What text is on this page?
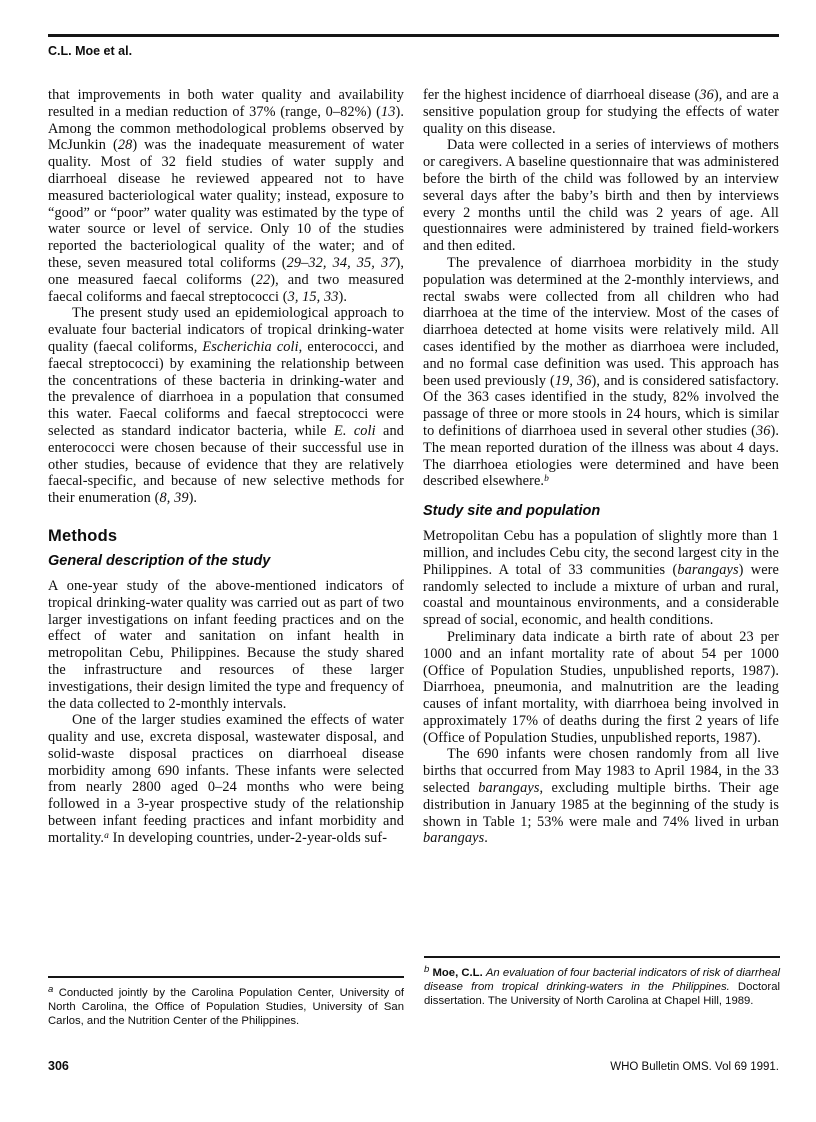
C.L. Moe et al.

that improvements in both water quality and availability resulted in a median reduction of 37% (range, 0–82%) (13). Among the common methodological problems observed by McJunkin (28) was the inadequate measurement of water quality. Most of 32 field studies of water supply and diarrhoeal disease he reviewed appeared not to have measured bacteriological water quality; instead, exposure to “good” or “poor” water quality was estimated by the type of water source or level of service. Only 10 of the studies reported the bacteriological quality of the water; and of these, seven measured total coliforms (29–32, 34, 35, 37), one measured faecal coliforms (22), and two measured faecal coliforms and faecal streptococci (3, 15, 33).

The present study used an epidemiological approach to evaluate four bacterial indicators of tropical drinking-water quality (faecal coliforms, Escherichia coli, enterococci, and faecal streptococci) by examining the relationship between the concentrations of these bacteria in drinking-water and the prevalence of diarrhoea in a population that consumed this water. Faecal coliforms and faecal streptococci were selected as standard indicator bacteria, while E. coli and enterococci were chosen because of their successful use in other studies, because of evidence that they are relatively faecal-specific, and because of new selective methods for their enumeration (8, 39).

Methods
General description of the study

A one-year study of the above-mentioned indicators of tropical drinking-water quality was carried out as part of two larger investigations on infant feeding practices and on the effect of water and sanitation on infant health in metropolitan Cebu, Philippines. Because the study shared the infrastructure and resources of these larger investigations, their design limited the type and frequency of the data collected to 2-monthly intervals.

One of the larger studies examined the effects of water quality and use, excreta disposal, wastewater disposal, and solid-waste disposal practices on diarrhoeal disease morbidity among 690 infants. These infants were selected from nearly 2800 aged 0–24 months who were being followed in a 3-year prospective study of the relationship between infant feeding practices and infant morbidity and mortality.$^a$ In developing countries, under-2-year-olds suf-

fer the highest incidence of diarrhoeal disease (36), and are a sensitive population group for studying the effects of water quality on this disease.

Data were collected in a series of interviews of mothers or caregivers. A baseline questionnaire that was administered before the birth of the child was followed by an interview several days after the baby’s birth and then by interviews every 2 months until the child was 2 years of age. All questionnaires were administered by trained field-workers and then edited.

The prevalence of diarrhoea morbidity in the study population was determined at the 2-monthly interviews, and rectal swabs were collected from all children who had diarrhoea at the time of the interview. Most of the cases of diarrhoea detected at home visits were relatively mild. All cases identified by the mother as diarrhoea were included, and no formal case definition was used. This approach has been used previously (19, 36), and is considered satisfactory. Of the 363 cases identified in the study, 82% involved the passage of three or more stools in 24 hours, which is similar to definitions of diarrhoea used in several other studies (36). The mean reported duration of the illness was about 4 days. The diarrhoea etiologies were determined and have been described elsewhere.$^b$

Study site and population

Metropolitan Cebu has a population of slightly more than 1 million, and includes Cebu city, the second largest city in the Philippines. A total of 33 communities (barangays) were randomly selected to include a mixture of urban and rural, coastal and mountainous environments, and a considerable spread of social, economic, and health conditions.

Preliminary data indicate a birth rate of about 23 per 1000 and an infant mortality rate of about 54 per 1000 (Office of Population Studies, unpublished reports, 1987). Diarrhoea, pneumonia, and malnutrition are the leading causes of infant mortality, with diarrhoea being involved in approximately 17% of deaths during the first 2 years of life (Office of Population Studies, unpublished reports, 1987).

The 690 infants were chosen randomly from all live births that occurred from May 1983 to April 1984, in the 33 selected barangays, excluding multiple births. Their age distribution in January 1985 at the beginning of the study is shown in Table 1; 53% were male and 74% lived in urban barangays.

$^a$ Conducted jointly by the Carolina Population Center, University of North Carolina, the Office of Population Studies, University of San Carlos, and the Nutrition Center of the Philippines.
$^b$ Moe, C.L. An evaluation of four bacterial indicators of risk of diarrheal disease from tropical drinking-waters in the Philippines. Doctoral dissertation. The University of North Carolina at Chapel Hill, 1989.
306	WHO Bulletin OMS. Vol 69 1991.
